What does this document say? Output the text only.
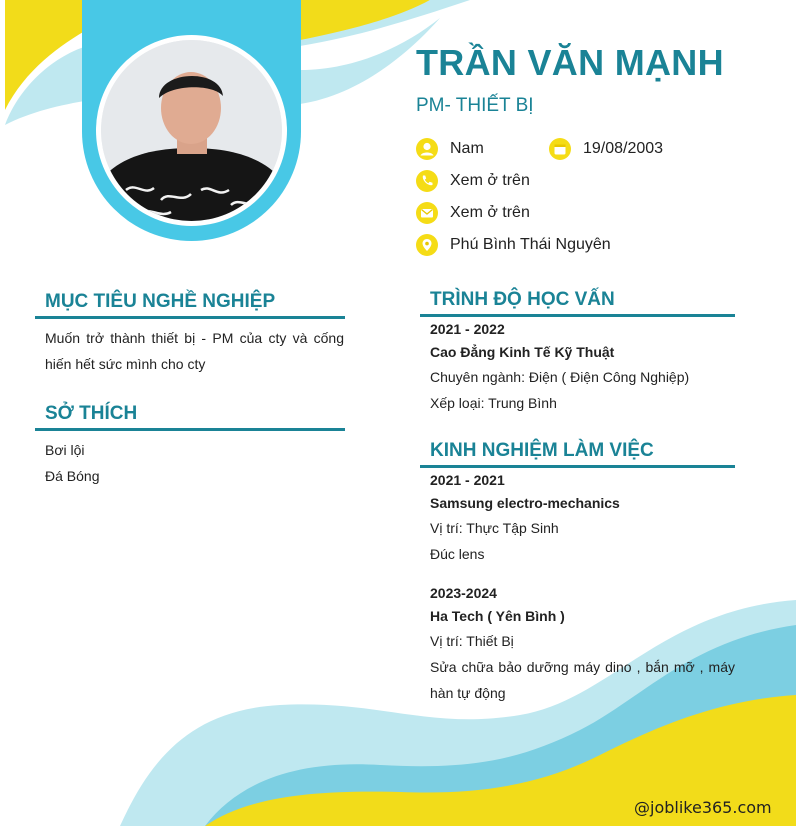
TRẦN VĂN MẠNH
PM- THIẾT BỊ
Nam	19/08/2003
Xem ở trên
Xem ở trên
Phú Bình Thái Nguyên
MỤC TIÊU NGHỀ NGHIỆP
Muốn trở thành thiết bị - PM của cty và cống hiến hết sức mình cho cty
SỞ THÍCH
Bơi lội
Đá Bóng
TRÌNH ĐỘ HỌC VẤN
2021 - 2022
Cao Đẳng Kinh Tế Kỹ Thuật
Chuyên ngành: Điện ( Điện Công Nghiệp)
Xếp loại: Trung Bình
KINH NGHIỆM LÀM VIỆC
2021 - 2021
Samsung electro-mechanics
Vị trí: Thực Tập Sinh
Đúc lens
2023-2024
Ha Tech ( Yên Bình )
Vị trí: Thiết Bị
Sửa chữa bảo dưỡng máy dino , bắn mỡ , máy hàn tự động
@joblike365.com
